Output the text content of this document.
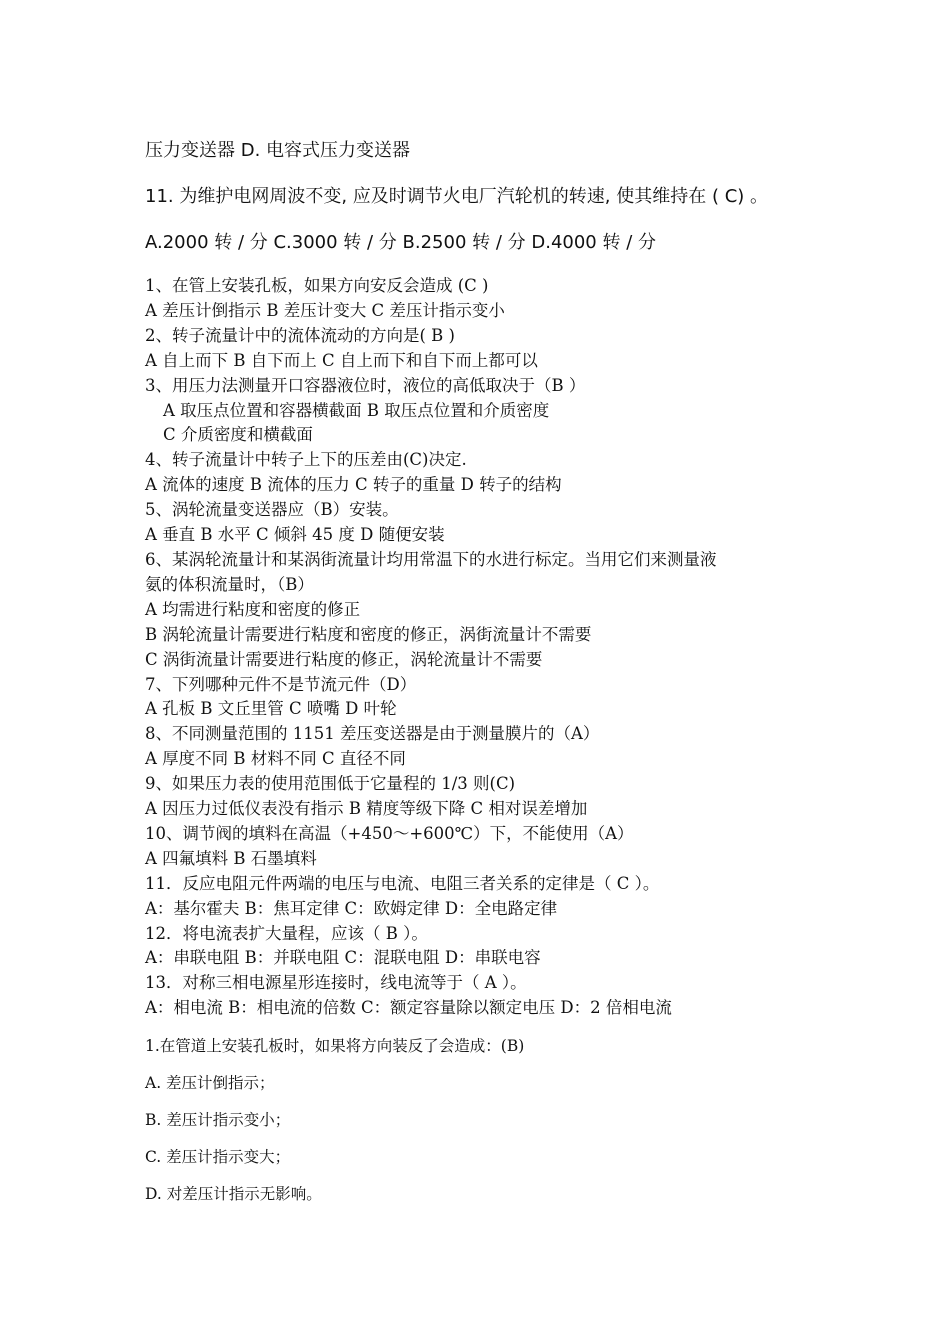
压力变送器 D. 电容式压力变送器
11. 为维护电网周波不变, 应及时调节火电厂汽轮机的转速, 使其维持在 ( C) 。
A.2000 转 / 分 C.3000 转 / 分 B.2500 转 / 分 D.4000 转 / 分
1、在管上安装孔板，如果方向安反会造成 (C )
A 差压计倒指示 B 差压计变大 C 差压计指示变小
2、转子流量计中的流体流动的方向是( B )
A 自上而下 B 自下而上 C 自上而下和自下而上都可以
3、用压力法测量开口容器液位时，液位的高低取决于（B ）
A 取压点位置和容器横截面 B 取压点位置和介质密度
C 介质密度和横截面
4、转子流量计中转子上下的压差由(C)决定.
A 流体的速度 B 流体的压力 C 转子的重量 D 转子的结构
5、涡轮流量变送器应（B）安装。
A 垂直 B 水平 C 倾斜 45 度 D 随便安装
6、某涡轮流量计和某涡街流量计均用常温下的水进行标定。当用它们来测量液
氨的体积流量时，（B）
A 均需进行粘度和密度的修正
B 涡轮流量计需要进行粘度和密度的修正，涡街流量计不需要
C 涡街流量计需要进行粘度的修正，涡轮流量计不需要
7、下列哪种元件不是节流元件（D）
A 孔板 B 文丘里管 C 喷嘴 D 叶轮
8、不同测量范围的 1151 差压变送器是由于测量膜片的（A）
A 厚度不同 B 材料不同 C 直径不同
9、如果压力表的使用范围低于它量程的 1/3 则(C)
A 因压力过低仪表没有指示 B 精度等级下降 C 相对误差增加
10、调节阀的填料在高温（+450～+600℃）下，不能使用（A）
A 四氟填料 B 石墨填料
11．反应电阻元件两端的电压与电流、电阻三者关系的定律是（ C ）。
A：基尔霍夫 B：焦耳定律 C：欧姆定律 D：全电路定律
12．将电流表扩大量程，应该（ B ）。
A：串联电阻 B：并联电阻 C：混联电阻 D：串联电容
13．对称三相电源星形连接时，线电流等于（ A ）。
A：相电流 B：相电流的倍数 C：额定容量除以额定电压 D：2 倍相电流
1.在管道上安装孔板时，如果将方向装反了会造成：(B)
A. 差压计倒指示；
B. 差压计指示变小；
C. 差压计指示变大；
D. 对差压计指示无影响。
